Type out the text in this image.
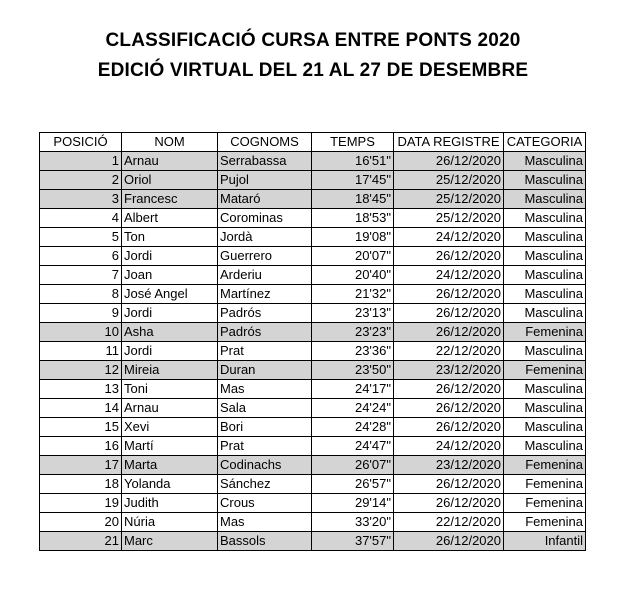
CLASSIFICACIÓ CURSA ENTRE PONTS 2020
EDICIÓ VIRTUAL DEL 21 AL 27 DE DESEMBRE
POSICIÓ	NOM	COGNOMS	TEMPS	DATA REGISTRE	CATEGORIA
1	Arnau	Serrabassa	16'51"	26/12/2020	Masculina
2	Oriol	Pujol	17'45"	25/12/2020	Masculina
3	Francesc	Mataró	18'45"	25/12/2020	Masculina
4	Albert	Corominas	18'53"	25/12/2020	Masculina
5	Ton	Jordà	19'08"	24/12/2020	Masculina
6	Jordi	Guerrero	20'07"	26/12/2020	Masculina
7	Joan	Arderiu	20'40"	24/12/2020	Masculina
8	José Angel	Martínez	21'32"	26/12/2020	Masculina
9	Jordi	Padrós	23'13"	26/12/2020	Masculina
10	Asha	Padrós	23'23"	26/12/2020	Femenina
11	Jordi	Prat	23'36"	22/12/2020	Masculina
12	Mireia	Duran	23'50"	23/12/2020	Femenina
13	Toni	Mas	24'17"	26/12/2020	Masculina
14	Arnau	Sala	24'24"	26/12/2020	Masculina
15	Xevi	Bori	24'28"	26/12/2020	Masculina
16	Martí	Prat	24'47"	24/12/2020	Masculina
17	Marta	Codinachs	26'07"	23/12/2020	Femenina
18	Yolanda	Sánchez	26'57"	26/12/2020	Femenina
19	Judith	Crous	29'14"	26/12/2020	Femenina
20	Núria	Mas	33'20"	22/12/2020	Femenina
21	Marc	Bassols	37'57"	26/12/2020	Infantil
